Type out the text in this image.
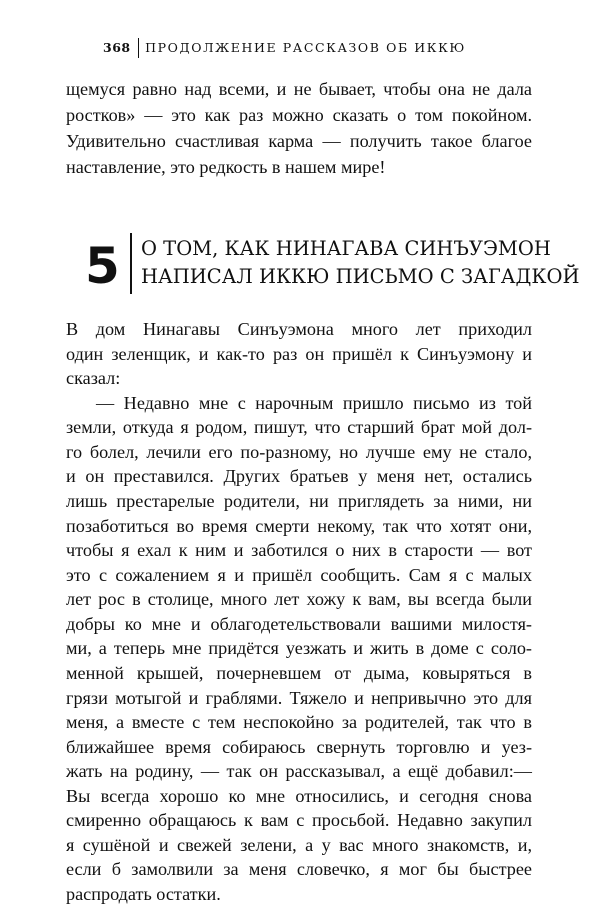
368 ПРОДОЛЖЕНИЕ РАССКАЗОВ ОБ ИККЮ
щемуся равно над всеми, и не бывает, чтобы она не дала
ростков» — это как раз можно сказать о том покойном.
Удивительно счастливая карма — получить такое благое
наставление, это редкость в нашем мире!
5 О ТОМ, КАК НИНАГАВА СИНЪУЭМОН
НАПИСАЛ ИККЮ ПИСЬМО С ЗАГАДКОЙ
В дом Нинагавы Синъуэмона много лет приходил
один зеленщик, и как-то раз он пришёл к Синъуэмону и
сказал:
— Недавно мне с нарочным пришло письмо из той
земли, откуда я родом, пишут, что старший брат мой дол-
го болел, лечили его по-разному, но лучше ему не стало,
и он преставился. Других братьев у меня нет, остались
лишь престарелые родители, ни приглядеть за ними, ни
позаботиться во время смерти некому, так что хотят они,
чтобы я ехал к ним и заботился о них в старости — вот
это с сожалением я и пришёл сообщить. Сам я с малых
лет рос в столице, много лет хожу к вам, вы всегда были
добры ко мне и облагодетельствовали вашими милостя-
ми, а теперь мне придётся уезжать и жить в доме с соло-
менной крышей, почерневшем от дыма, ковыряться в
грязи мотыгой и граблями. Тяжело и непривычно это для
меня, а вместе с тем неспокойно за родителей, так что в
ближайшее время собираюсь свернуть торговлю и уез-
жать на родину, — так он рассказывал, а ещё добавил:—
Вы всегда хорошо ко мне относились, и сегодня снова
смиренно обращаюсь к вам с просьбой. Недавно закупил
я сушёной и свежей зелени, а у вас много знакомств, и,
если б замолвили за меня словечко, я мог бы быстрее
распродать остатки.
